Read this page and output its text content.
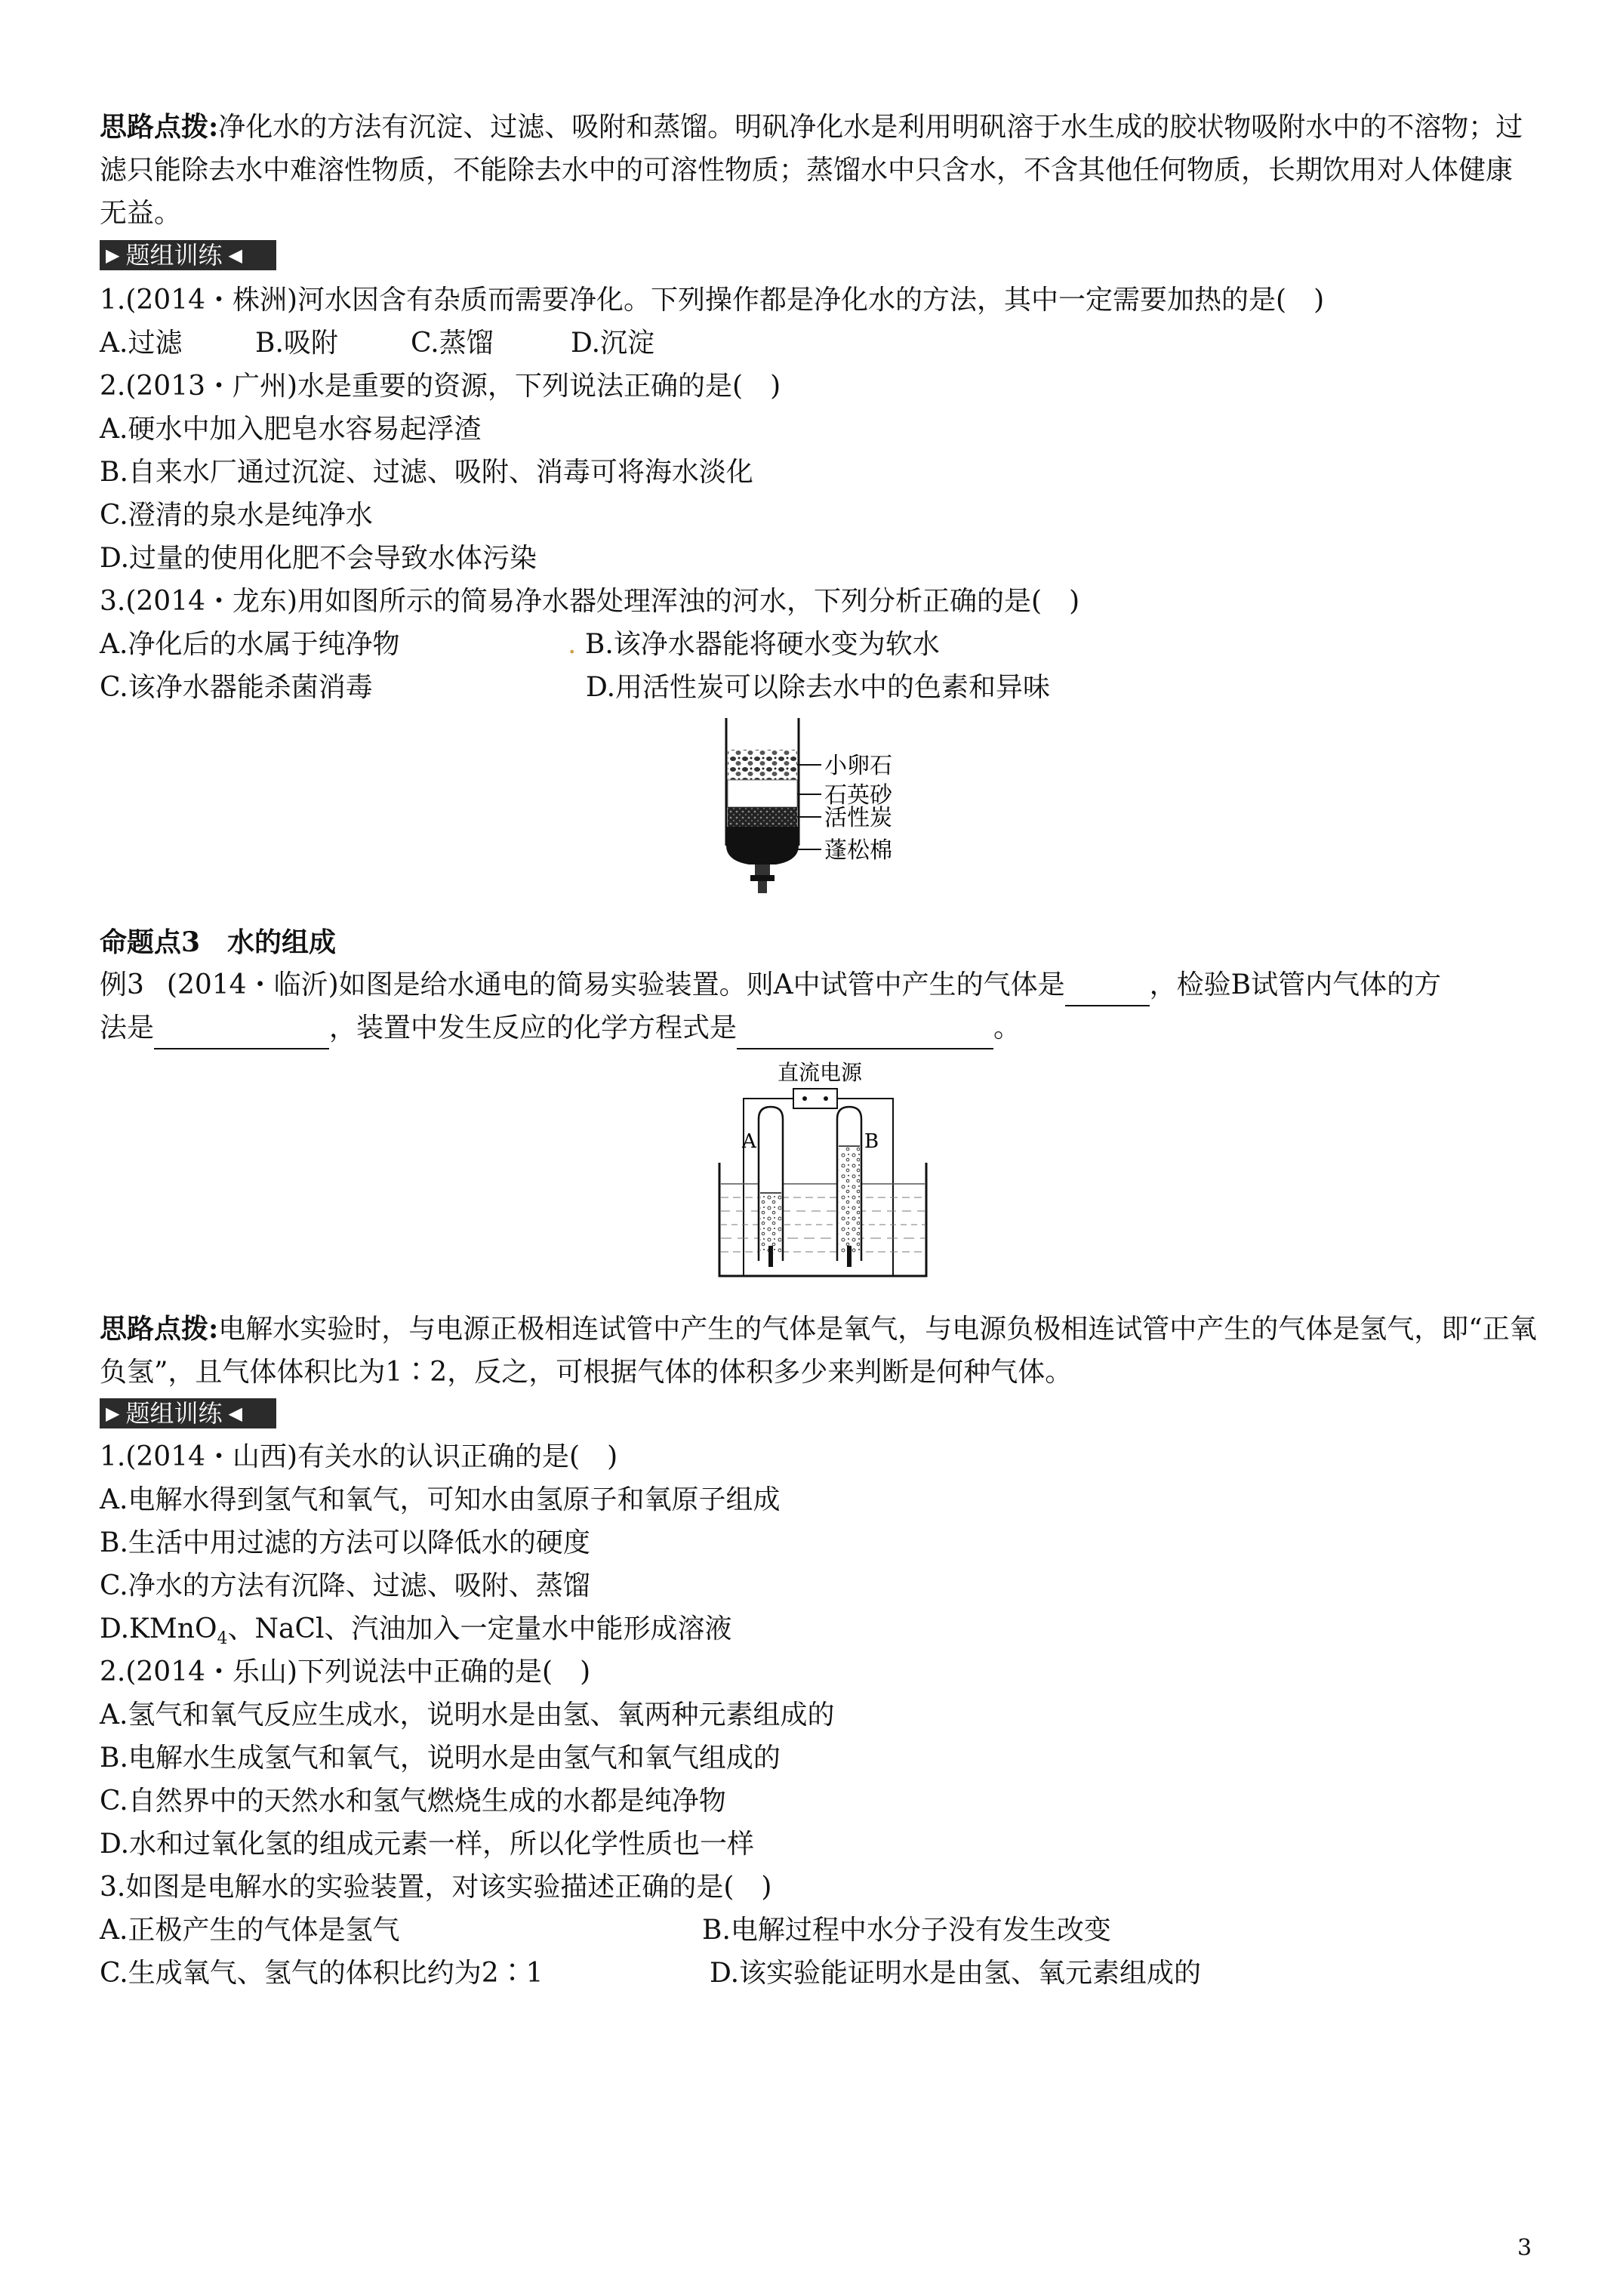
思路点拨:净化水的方法有沉淀、过滤、吸附和蒸馏。明矾净化水是利用明矾溶于水生成的胶状物吸附水中的不溶物；过滤只能除去水中难溶性物质，不能除去水中的可溶性物质；蒸馏水中只含水，不含其他任何物质，长期饮用对人体健康无益。
▶ 题组训练 ◀
1.(2014・株洲)河水因含有杂质而需要净化。下列操作都是净化水的方法，其中一定需要加热的是( )
A.过滤	B.吸附	C.蒸馏	D.沉淀
2.(2013・广州)水是重要的资源，下列说法正确的是( )
A.硬水中加入肥皂水容易起浮渣
B.自来水厂通过沉淀、过滤、吸附、消毒可将海水淡化
C.澄清的泉水是纯净水
D.过量的使用化肥不会导致水体污染
3.(2014・龙东)用如图所示的简易净水器处理浑浊的河水，下列分析正确的是( )
A.净化后的水属于纯净物	. B.该净水器能将硬水变为软水
C.该净水器能杀菌消毒	D.用活性炭可以除去水中的色素和异味
小卵石
石英砂
活性炭
蓬松棉
命题点3 水的组成
例3 (2014・临沂)如图是给水通电的简易实验装置。则A中试管中产生的气体是	，检验B试管内气体的方
法是	，装置中发生反应的化学方程式是	。
直流电源
A	B
思路点拨:电解水实验时，与电源正极相连试管中产生的气体是氧气，与电源负极相连试管中产生的气体是氢气，即“正氧负氢”，且气体体积比为1∶2，反之，可根据气体的体积多少来判断是何种气体。
▶ 题组训练 ◀
1.(2014・山西)有关水的认识正确的是( )
A.电解水得到氢气和氧气，可知水由氢原子和氧原子组成
B.生活中用过滤的方法可以降低水的硬度
C.净水的方法有沉降、过滤、吸附、蒸馏
D.KMnO$_4$、NaCl、汽油加入一定量水中能形成溶液
2.(2014・乐山)下列说法中正确的是( )
A.氢气和氧气反应生成水，说明水是由氢、氧两种元素组成的
B.电解水生成氢气和氧气，说明水是由氢气和氧气组成的
C.自然界中的天然水和氢气燃烧生成的水都是纯净物
D.水和过氧化氢的组成元素一样，所以化学性质也一样
3.如图是电解水的实验装置，对该实验描述正确的是( )
A.正极产生的气体是氢气	B.电解过程中水分子没有发生改变
C.生成氧气、氢气的体积比约为2∶1	D.该实验能证明水是由氢、氧元素组成的
3
